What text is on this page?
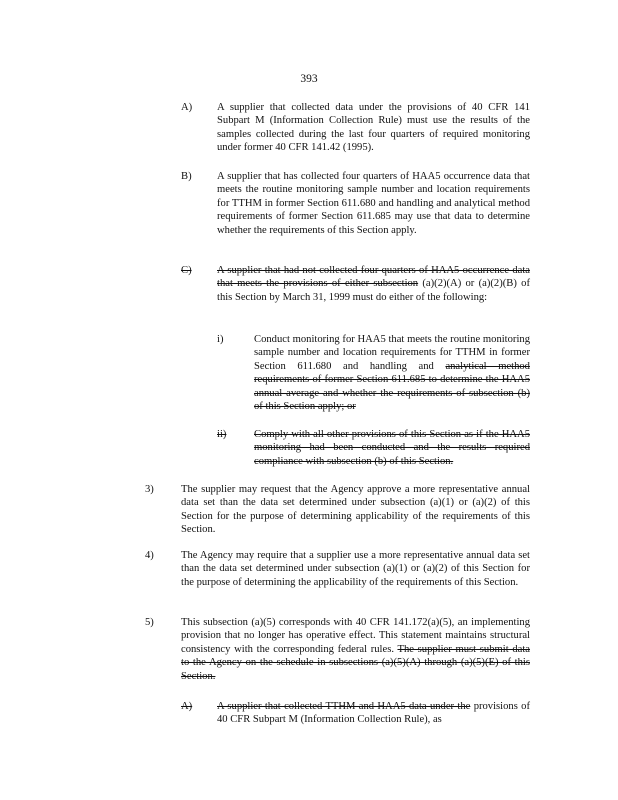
393
A) A supplier that collected data under the provisions of 40 CFR 141 Subpart M (Information Collection Rule) must use the results of the samples collected during the last four quarters of required monitoring under former 40 CFR 141.42 (1995).
B) A supplier that has collected four quarters of HAA5 occurrence data that meets the routine monitoring sample number and location requirements for TTHM in former Section 611.680 and handling and analytical method requirements of former Section 611.685 may use that data to determine whether the requirements of this Section apply.
C) A supplier that had not collected four quarters of HAA5 occurrence data that meets the provisions of either subsection (a)(2)(A) or (a)(2)(B) of this Section by March 31, 1999 must do either of the following:
i)	Conduct monitoring for HAA5 that meets the routine monitoring sample number and location requirements for TTHM in former Section 611.680 and handling and analytical method requirements of former Section 611.685 to determine the HAA5 annual average and whether the requirements of subsection (b) of this Section apply; or
ii)	Comply with all other provisions of this Section as if the HAA5 monitoring had been conducted and the results required compliance with subsection (b) of this Section.
3)	The supplier may request that the Agency approve a more representative annual data set than the data set determined under subsection (a)(1) or (a)(2) of this Section for the purpose of determining applicability of the requirements of this Section.
4)	The Agency may require that a supplier use a more representative annual data set than the data set determined under subsection (a)(1) or (a)(2) of this Section for the purpose of determining the applicability of the requirements of this Section.
5)	This subsection (a)(5) corresponds with 40 CFR 141.172(a)(5), an implementing provision that no longer has operative effect. This statement maintains structural consistency with the corresponding federal rules. The supplier must submit data to the Agency on the schedule in subsections (a)(5)(A) through (a)(5)(E) of this Section.
A) A supplier that collected TTHM and HAA5 data under the provisions of 40 CFR Subpart M (Information Collection Rule), as
